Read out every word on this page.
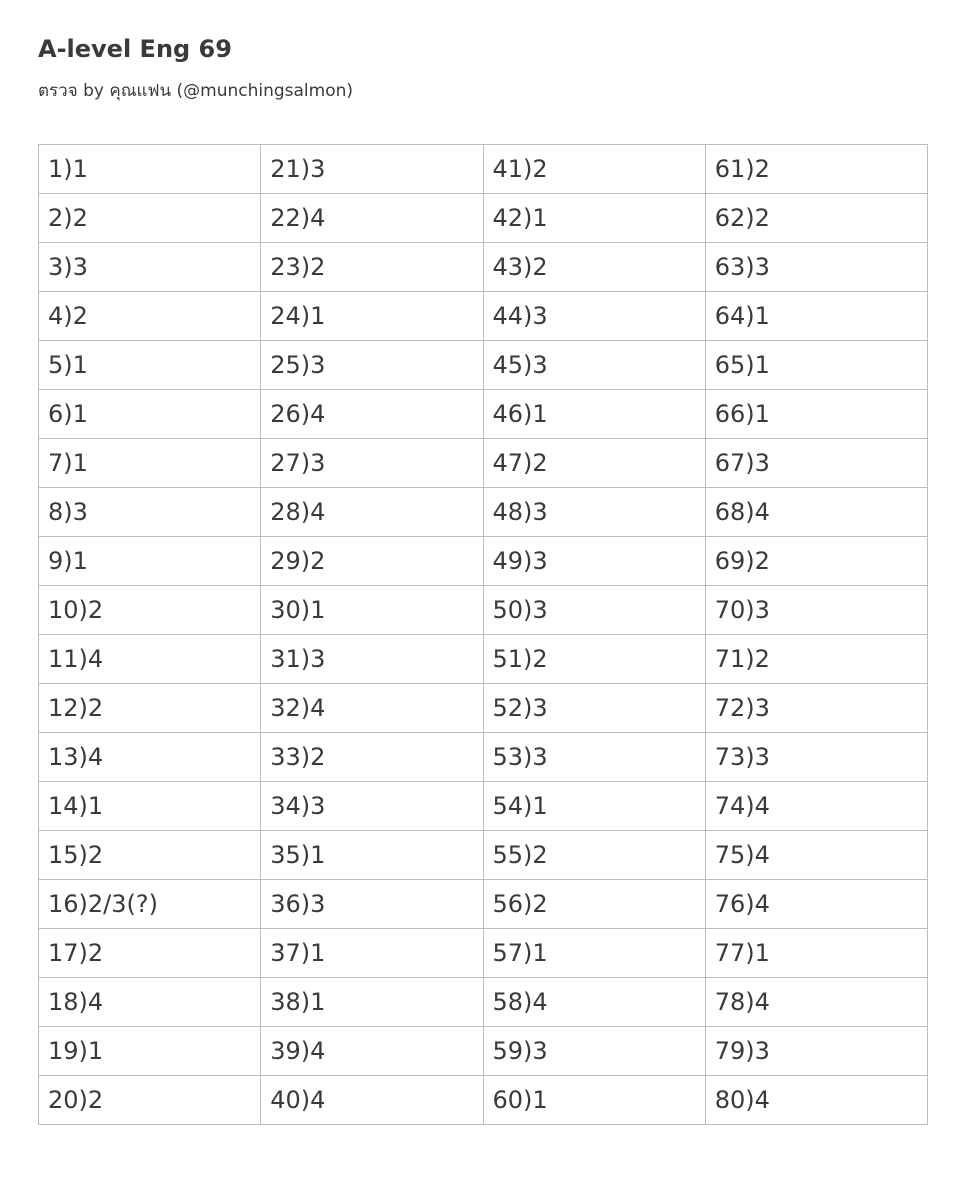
A-level Eng 69

ตรวจ by คุณแฟน (@munchingsalmon)

1)1	21)3	41)2	61)2
2)2	22)4	42)1	62)2
3)3	23)2	43)2	63)3
4)2	24)1	44)3	64)1
5)1	25)3	45)3	65)1
6)1	26)4	46)1	66)1
7)1	27)3	47)2	67)3
8)3	28)4	48)3	68)4
9)1	29)2	49)3	69)2
10)2	30)1	50)3	70)3
11)4	31)3	51)2	71)2
12)2	32)4	52)3	72)3
13)4	33)2	53)3	73)3
14)1	34)3	54)1	74)4
15)2	35)1	55)2	75)4
16)2/3(?)	36)3	56)2	76)4
17)2	37)1	57)1	77)1
18)4	38)1	58)4	78)4
19)1	39)4	59)3	79)3
20)2	40)4	60)1	80)4
